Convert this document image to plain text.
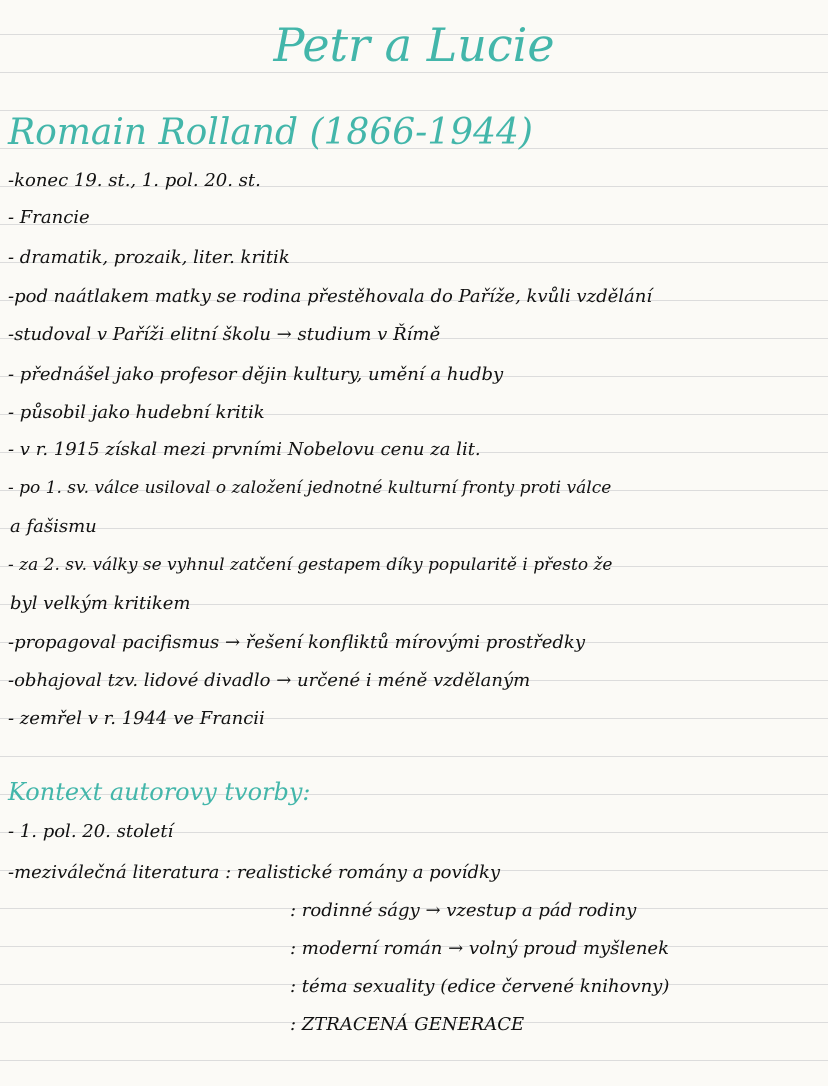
Petr a Lucie
Romain Rolland (1866-1944)
-konec 19. st., 1. pol. 20. st.
- Francie
- dramatik, prozaik, liter. kritik
-pod naátlakem matky se rodina přestěhovala do Paříže, kvůli vzdělání
-studoval v Paříži elitní školu → studium v Římě
- přednášel jako profesor dějin kultury, umění a hudby
- působil jako hudební kritik
- v r. 1915 získal mezi prvními Nobelovu cenu za lit.
- po 1. sv. válce usiloval o založení jednotné kulturní fronty proti válce
a fašismu
- za 2. sv. války se vyhnul zatčení gestapem díky popularitě i přesto že
byl velkým kritikem
-propagoval pacifismus → řešení konfliktů mírovými prostředky
-obhajoval tzv. lidové divadlo → určené i méně vzdělaným
- zemřel v r. 1944 ve Francii
Kontext autorovy tvorby:
- 1. pol. 20. století
-meziválečná literatura : realistické romány a povídky
: rodinné ságy → vzestup a pád rodiny
: moderní román → volný proud myšlenek
: téma sexuality (edice červené knihovny)
: ZTRACENÁ GENERACE
